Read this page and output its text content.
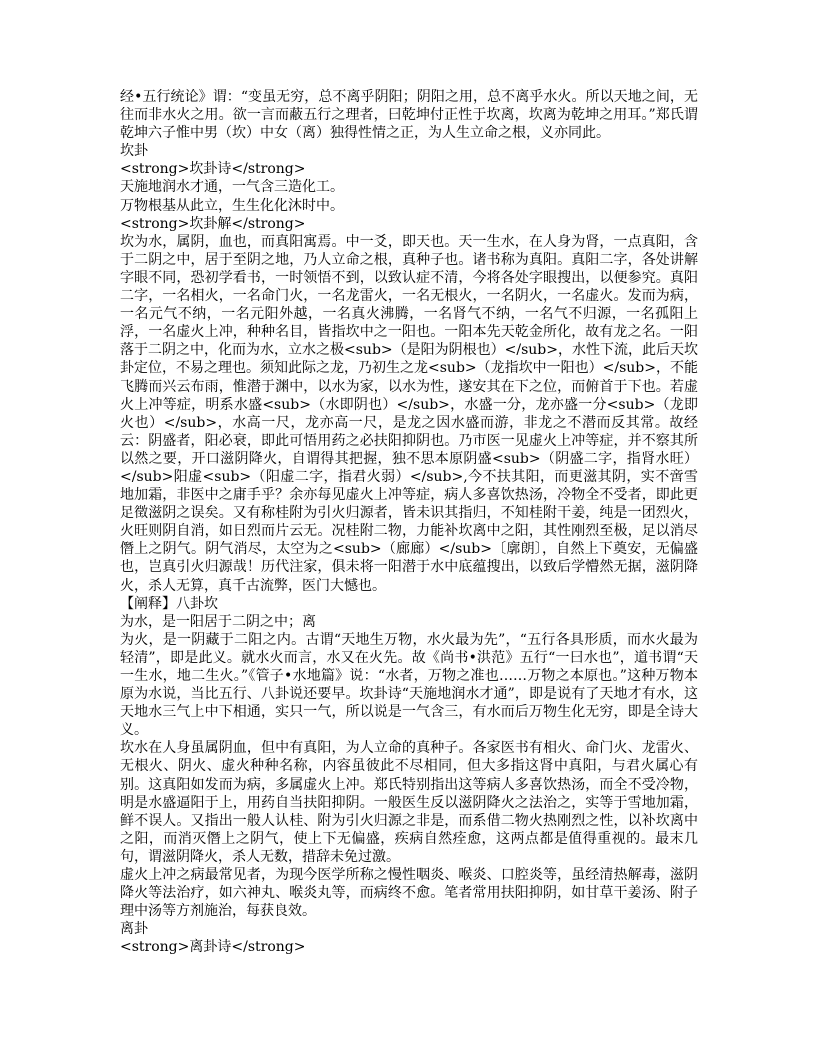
经•五行统论》谓：“变虽无穷，总不离乎阴阳；阴阳之用，总不离乎水火。所以天地之间，无往而非水火之用。欲一言而蔽五行之理者，曰乾坤付正性于坎离，坎离为乾坤之用耳。”郑氏谓乾坤六子惟中男（坎）中女（离）独得性情之正，为人生立命之根，义亦同此。

坎卦

<strong>坎卦诗</strong>

天施地润水才通，一气含三造化工。

万物根基从此立，生生化化沐时中。

<strong>坎卦解</strong>

坎为水，属阴，血也，而真阳寓焉。中一爻，即天也。天一生水，在人身为肾，一点真阳，含于二阴之中，居于至阴之地，乃人立命之根，真种子也。诸书称为真阳。真阳二字，各处讲解字眼不同，恐初学看书，一时领悟不到，以致认症不清，今将各处字眼搜出，以便参究。真阳二字，一名相火，一名命门火，一名龙雷火，一名无根火，一名阴火，一名虚火。发而为病，一名元气不纳，一名元阳外越，一名真火沸腾，一名肾气不纳，一名气不归源，一名孤阳上浮，一名虚火上冲，种种名目，皆指坎中之一阳也。一阳本先天乾金所化，故有龙之名。一阳落于二阴之中，化而为水，立水之极<sub>（是阳为阴根也）</sub>，水性下流，此后天坎卦定位，不易之理也。须知此际之龙，乃初生之龙<sub>（龙指坎中一阳也）</sub>，不能飞腾而兴云布雨，惟潜于渊中，以水为家，以水为性，遂安其在下之位，而俯首于下也。若虚火上冲等症，明系水盛<sub>（水即阴也）</sub>，水盛一分，龙亦盛一分<sub>（龙即火也）</sub>，水高一尺，龙亦高一尺，是龙之因水盛而游，非龙之不潜而反其常。故经云：阴盛者，阳必衰，即此可悟用药之必扶阳抑阴也。乃市医一见虚火上冲等症，并不察其所以然之要，开口滋阴降火，自谓得其把握，独不思本原阴盛<sub>（阴盛二字，指肾水旺）</sub>阳虚<sub>（阳虚二字，指君火弱）</sub>,今不扶其阳，而更滋其阴，实不啻雪地加霜，非医中之庸手乎？余亦每见虚火上冲等症，病人多喜饮热汤，冷物全不受者，即此更足徵滋阴之误矣。又有称桂附为引火归源者，皆未识其指归，不知桂附干姜，纯是一团烈火，火旺则阴自消，如日烈而片云无。况桂附二物，力能补坎离中之阳，其性刚烈至极，足以消尽僭上之阴气。阴气消尽，太空为之<sub>（廊廊）</sub>〔廓朗〕，自然上下奠安，无偏盛也，岂真引火归源哉！历代注家，俱未将一阳潜于水中底蕴搜出，以致后学懵然无据，滋阴降火，杀人无算，真千古流弊，医门大憾也。

【阐释】八卦坎

为水，是一阳居于二阴之中；离

为火，是一阴藏于二阳之内。古谓“天地生万物，水火最为先”，“五行各具形质，而水火最为轻清”，即是此义。就水火而言，水又在火先。故《尚书•洪范》五行“一曰水也”，道书谓“天一生水，地二生火。”《管子•水地篇》说：“水者，万物之准也……万物之本原也。”这种万物本原为水说，当比五行、八卦说还要早。坎卦诗“天施地润水才通”，即是说有了天地才有水，这天地水三气上中下相通，实只一气，所以说是一气含三，有水而后万物生化无穷，即是全诗大义。

坎水在人身虽属阴血，但中有真阳，为人立命的真种子。各家医书有相火、命门火、龙雷火、无根火、阴火、虚火种种名称，内容虽彼此不尽相同，但大多指这肾中真阳，与君火属心有别。这真阳如发而为病，多属虚火上冲。郑氏特别指出这等病人多喜饮热汤，而全不受冷物，明是水盛逼阳于上，用药自当扶阳抑阴。一般医生反以滋阴降火之法治之，实等于雪地加霜，鲜不误人。又指出一般人认桂、附为引火归源之非是，而系借二物火热刚烈之性，以补坎离中之阳，而消灭僭上之阴气，使上下无偏盛，疾病自然痊愈，这两点都是值得重视的。最末几句，谓滋阴降火，杀人无数，措辞未免过激。

虚火上冲之病最常见者，为现今医学所称之慢性咽炎、喉炎、口腔炎等，虽经清热解毒，滋阴降火等法治疗，如六神丸、喉炎丸等，而病终不愈。笔者常用扶阳抑阴，如甘草干姜汤、附子理中汤等方剂施治，每获良效。

离卦

<strong>离卦诗</strong>
